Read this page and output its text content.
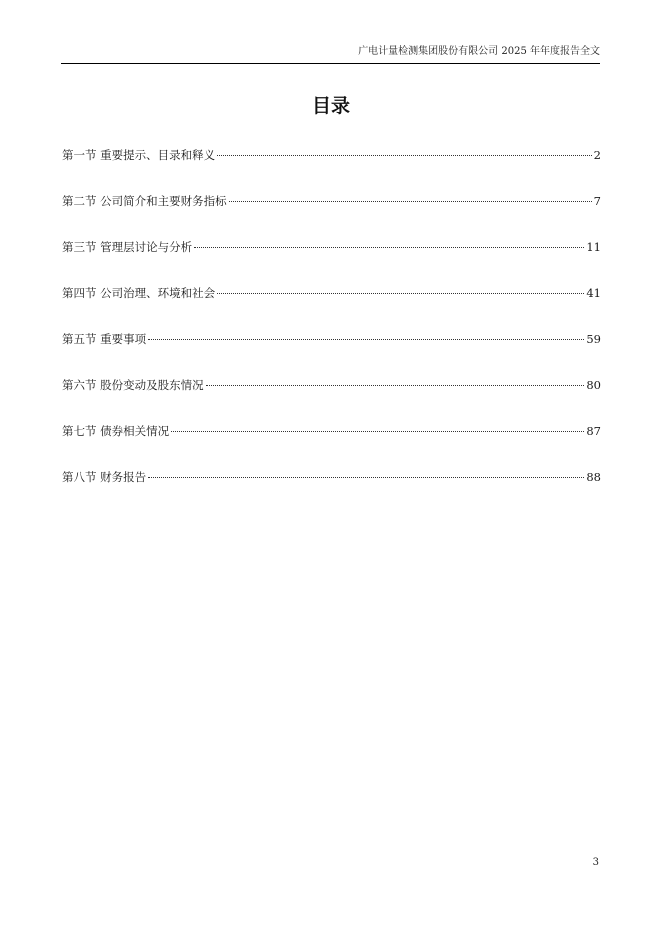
广电计量检测集团股份有限公司 2025 年年度报告全文
目录
第一节 重要提示、目录和释义	2
第二节 公司简介和主要财务指标	7
第三节 管理层讨论与分析	11
第四节 公司治理、环境和社会	41
第五节 重要事项	59
第六节 股份变动及股东情况	80
第七节 债券相关情况	87
第八节 财务报告	88
3
